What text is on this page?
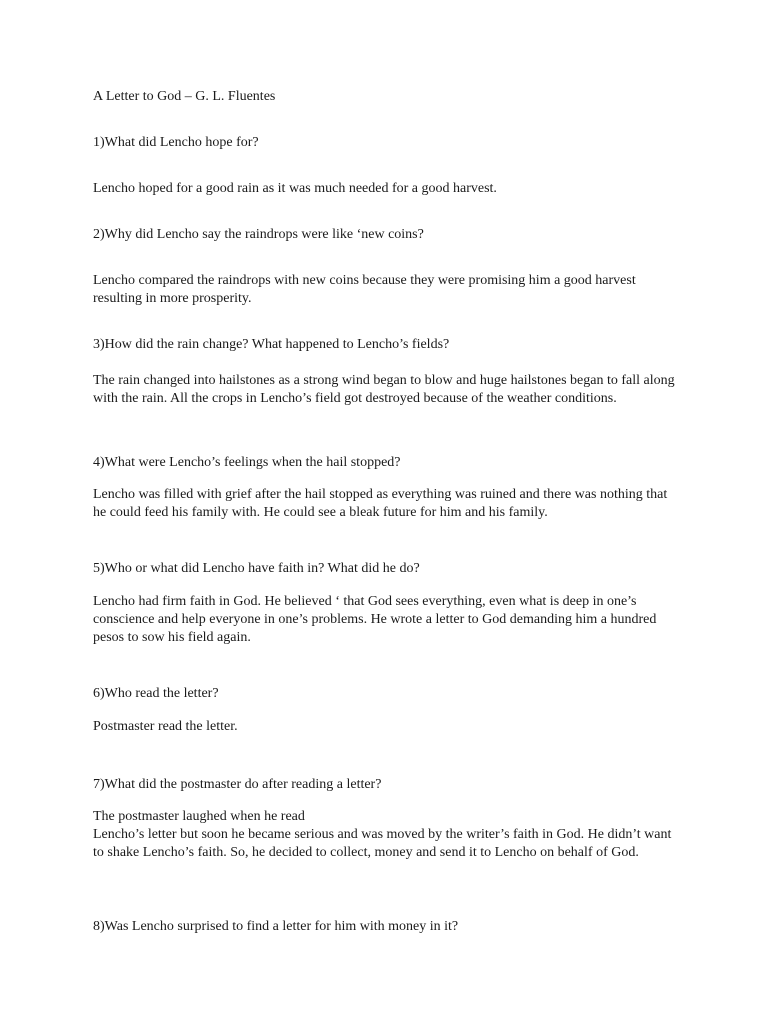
A Letter to God – G. L. Fluentes

1)What did Lencho hope for?

Lencho hoped for a good rain as it was much needed for a good harvest.

2)Why did Lencho say the raindrops were like ‘new coins?

Lencho compared the raindrops with new coins because they were promising him a good harvest resulting in more prosperity.

3)How did the rain change? What happened to Lencho’s fields?

The rain changed into hailstones as a strong wind began to blow and huge hailstones began to fall along with the rain. All the crops in Lencho’s field got destroyed because of the weather conditions.

4)What were Lencho’s feelings when the hail stopped?

Lencho was filled with grief after the hail stopped as everything was ruined and there was nothing that he could feed his family with. He could see a bleak future for him and his family.

5)Who or what did Lencho have faith in? What did he do?

Lencho had firm faith in God. He believed ‘ that God sees everything, even what is deep in one’s conscience and help everyone in one’s problems. He wrote a letter to God demanding him a hundred pesos to sow his field again.

6)Who read the letter?

Postmaster read the letter.

7)What did the postmaster do after reading a letter?

The postmaster laughed when he read

Lencho’s letter but soon he became serious and was moved by the writer’s faith in God. He didn’t want to shake Lencho’s faith. So, he decided to collect, money and send it to Lencho on behalf of God.

8)Was Lencho surprised to find a letter for him with money in it?
